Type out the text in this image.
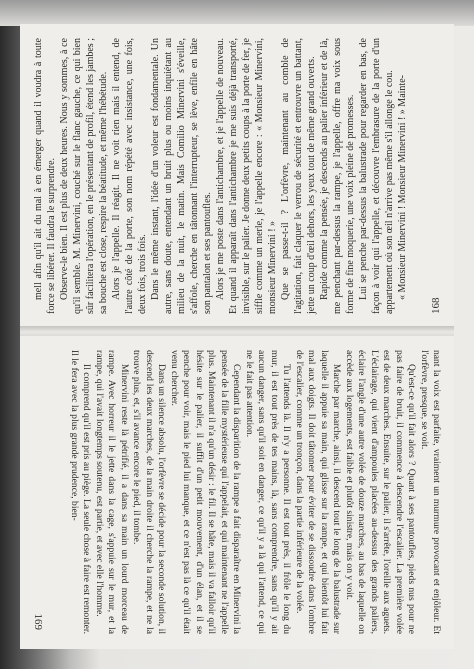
mell afin qu'il ait du mal à en émerger quand il voudra à toute force se libérer. Il faudra le surprendre. Observe-le bien. Il est plus de deux heures. Nous y sommes, à ce qu'il semble. M. Minervini, couché sur le flanc gauche, ce qui bien sûr facilitera l'opération, en le présentant de profil, étend les jambes ; sa bouche est close, respire la béatitude, et même l'hébétude. Alors je l'appelle. Il réagit. Il ne voit rien mais il entend, de l'autre côté de la porte, son nom répété avec insistance, une fois, deux fois, trois fois. Dans le même instant, l'idée d'un voleur est fondamentale. Un autre, sans doute, entendant un bruit plus ou moins inquiétant au milieu de la nuit, le matin. Mais Comilio Minervini s'éveille, s'affole, cherche en tâtonnant l'interrupteur, se lève, enfile en hâte son pantalon et ses pantoufles. Alors je me poste dans l'antichambre, et je l'appelle de nouveau. Et quand il apparaît dans l'antichambre je me suis déjà transporté, invisible, sur le palier. Je donne deux petits coups à la porte de fer, je siffle comme un merle, je l'appelle encore : « Monsieur Minervini, monsieur Minervini ! » Que se passe-t-il ? L'orfèvre, maintenant au comble de l'agitation, fait claquer le verrou de sécurité et entrouvre un battant, jette un coup d'œil dehors, les yeux tout de même grand ouverts. Rapide comme la pensée, je descends au palier inférieur et de là, me penchant par-dessus la rampe, je l'appelle, offre ma voix sous forme de fine moquerie, une voix pleine de promesses. Lui se penche par-dessus la balustrade pour regarder en bas, de façon à voir qui l'appelle, et découvre l'embrasure de la porte d'un appartement où son œil n'arrive pas même s'il allonge le cou. « Monsieur Minervini ! Monsieur Minervini ! » Mainte-

168

nant la voix est parfaite, vraiment un murmure provocant et enjôleur. Et l'orfèvre, presque, se voit.

Qu'est-ce qu'il fait alors ? Quant à ses pantoufles, pieds nus pour ne pas faire de bruit, il commence à descendre l'escalier. La première volée est de deux marches. Ensuite, sur le palier, il s'arrête, l'oreille aux aguets. L'éclairage, qui vient d'ampoules placées au-dessus des grands paliers, éclaire l'angle d'une autre volée de douze marches, au bas de laquelle on accède aux logements, est faible et plutôt sinistre, mais on y voit.

Marche par marche, ainsi, il descend tout le long de la balustrade sur laquelle il appuie sa main, qui glisse sur la rampe, et qui bientôt lui fait mal aux doigts. Il doit tâtonner pour éviter de se dissoudre dans l'ombre de l'escalier, comme un tronçon, dans la partie inférieure de la volée.

Tu l'attends là. Il n'y a personne. Il est tout près, il frôle le long du mur, il est tout près de tes mains, là, sans comprendre, sans qu'il y ait aucun danger, sans qu'il soit en danger, ce qu'il y a là qui l'attend, ce qui ne le fait pas attention.

Cependant la disparition de la rampe a fait disparaître en Minervini la pensée de la fille mystérieuse qui l'appelait, et qui maintenant ne l'appelle plus. Maintenant il n'a qu'un désir : le fil. Il se hâte, mais il va falloir qu'il hésite sur le palier, il suffit d'un petit mouvement, d'un élan, et il se penche pour voir, mais le pied lui manque, et ce n'est pas là ce qu'il était venu chercher.

Dans un silence absolu, l'orfèvre se décide pour la seconde solution, il descend les deux marches, de la main droite il cherche la rampe, et ne la trouve plus, et, s'il avance encore le pied, il tombe.

Minervini reste là pétrifié, il a dans sa main un lourd morceau de rampe. Avec horreur il le jette dans la cage, s'appuie sur le mur, et la rampe, qui l'avait longtemps soutenu, est partie, et avec elle l'homme.

Il comprend qu'il est pris au piège. La seule chose à faire est remonter. Il le fera avec la plus grande prudence, bien-

169
